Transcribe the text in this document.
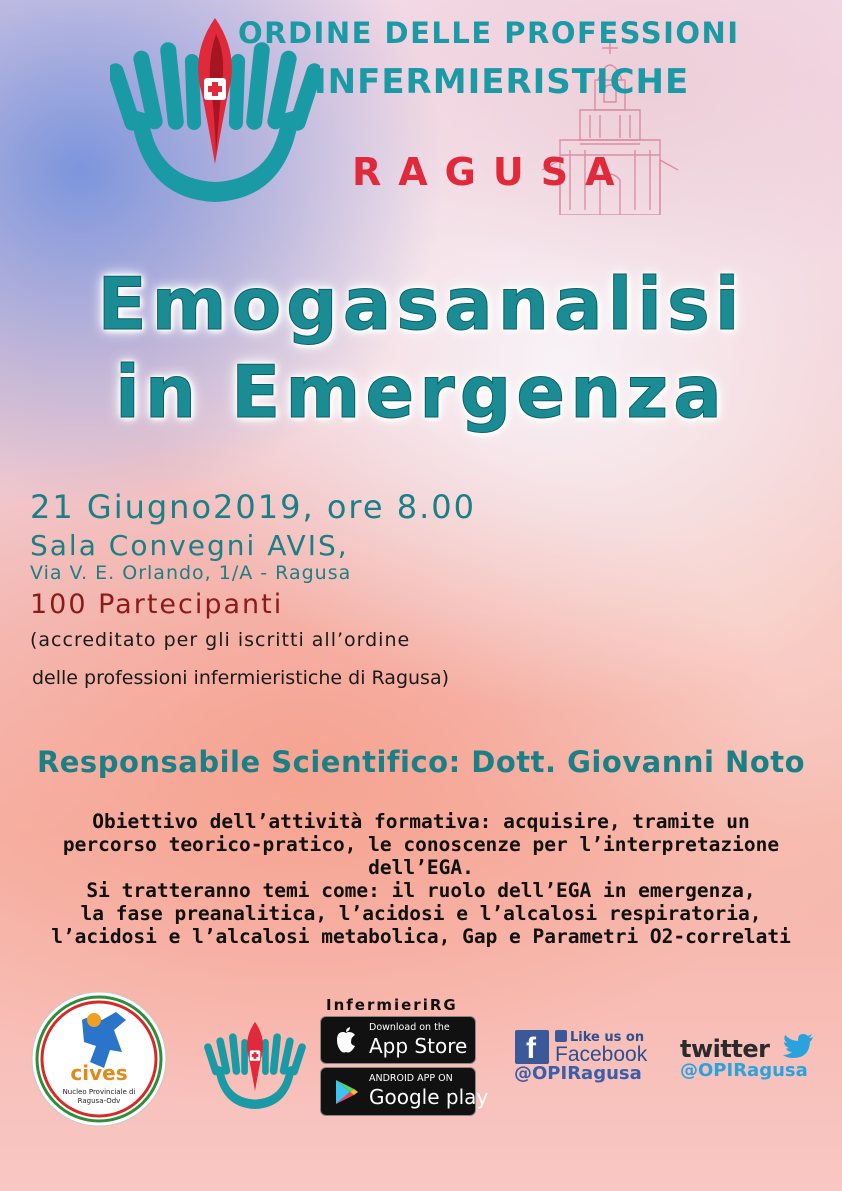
ORDINE DELLE PROFESSIONI
INFERMIERISTICHE
RAGUSA
Emogasanalisi
in Emergenza
21 Giugno2019, ore 8.00
Sala Convegni AVIS,
Via V. E. Orlando, 1/A - Ragusa
100 Partecipanti
(accreditato per gli iscritti all’ordine
delle professioni infermieristiche di Ragusa)
Responsabile Scientifico: Dott. Giovanni Noto
Obiettivo dell’attività formativa: acquisire, tramite un
percorso teorico-pratico, le conoscenze per l’interpretazione
dell’EGA.
Si tratteranno temi come: il ruolo dell’EGA in emergenza,
la fase preanalitica, l’acidosi e l’alcalosi respiratoria,
l’acidosi e l’alcalosi metabolica, Gap e Parametri O2-correlati
cives
Nucleo Provinciale di
Ragusa-Odv
InfermieriRG
Download on the
App Store
ANDROID APP ON
Google play
f	Like us on
Facebook
@OPIRagusa
twitter
@OPIRagusa
